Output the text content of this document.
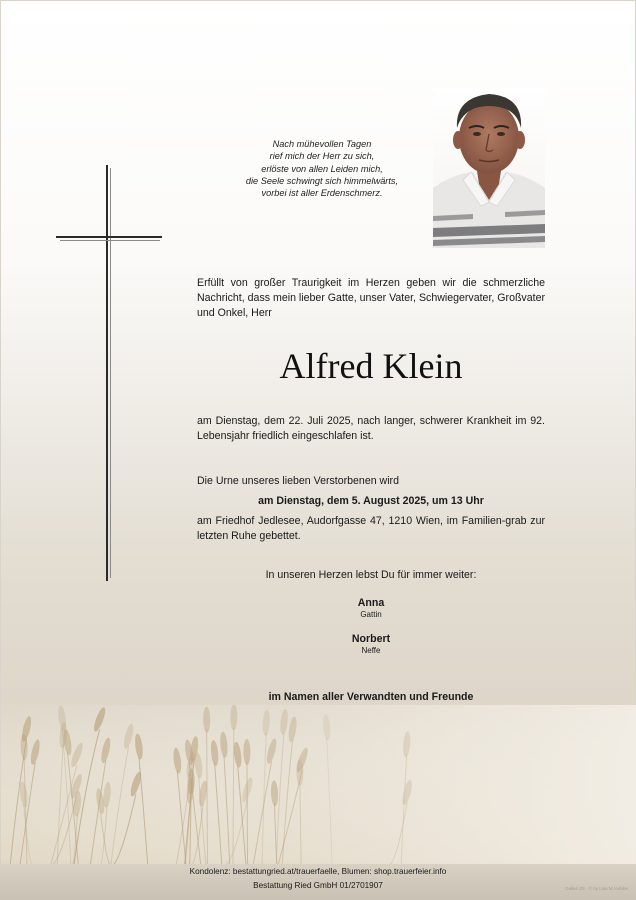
Nach mühevollen Tagen
rief mich der Herr zu sich,
erlöste von allen Leiden mich,
die Seele schwingt sich himmelwärts,
vorbei ist aller Erdenschmerz.
Erfüllt von großer Traurigkeit im Herzen geben wir die schmerzliche Nachricht, dass mein lieber Gatte, unser Vater, Schwiegervater, Großvater und Onkel, Herr
Alfred Klein
am Dienstag, dem 22. Juli 2025, nach langer, schwerer Krankheit im 92. Lebensjahr friedlich eingeschlafen ist.
Die Urne unseres lieben Verstorbenen wird
am Dienstag, dem 5. August 2025, um 13 Uhr
am Friedhof Jedlesee, Audorfgasse 47, 1210 Wien, im Familien-grab zur letzten Ruhe gebettet.
In unseren Herzen lebst Du für immer weiter:
Anna
Gattin
Norbert
Neffe
im Namen aller Verwandten und Freunde
Kondolenz: bestattungried.at/trauerfaelle, Blumen: shop.trauerfeier.info
Bestattung Ried GmbH 01/2701907	Galleri Z8 · © by Lisa M./Adobe
